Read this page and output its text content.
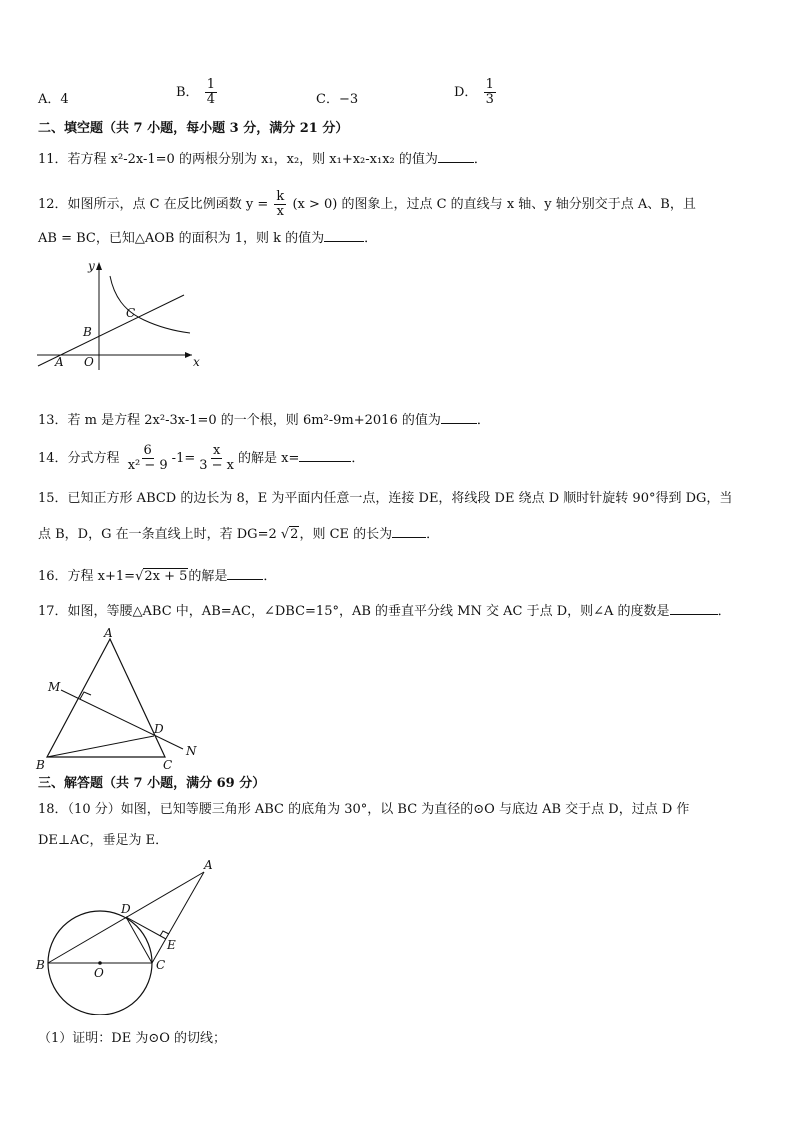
A．4	B． $\frac{1}{4}$	C．−3	D． $\frac{1}{3}$
二、填空题（共 7 小题，每小题 3 分，满分 21 分）
11．若方程 x²-2x-1=0 的两根分别为 x₁，x₂，则 x₁+x₂-x₁x₂ 的值为	．
12．如图所示，点 C 在反比例函数 $y = \frac{k}{x} (x > 0)$ 的图象上，过点 C 的直线与 x 轴、y 轴分别交于点 A、B，且
AB = BC，已知△AOB 的面积为 1，则 k 的值为	．
y
x
C
B
A O
13．若 m 是方程 2x²-3x-1=0 的一个根，则 6m²-9m+2016 的值为	．
14．分式方程 $\frac{6}{\text{x² − 9}} -1= \frac{x}{3 - x}$ 的解是 x=	．
15．已知正方形 ABCD 的边长为 8，E 为平面内任意一点，连接 DE，将线段 DE 绕点 D 顺时针旋转 90°得到 DG，当
点 B，D，G 在一条直线上时，若 DG=2 √2，则 CE 的长为	．
16．方程 x+1=√2x + 5的解是	．
17．如图，等腰△ABC 中，AB=AC，∠DBC=15°，AB 的垂直平分线 MN 交 AC 于点 D，则∠A 的度数是	．
A
M
D
N
B	C
三、解答题（共 7 小题，满分 69 分）
18．（10 分）如图，已知等腰三角形 ABC 的底角为 30°，以 BC 为直径的⊙O 与底边 AB 交于点 D，过点 D 作
DE⊥AC，垂足为 E．
A
D
E
B
O
C
（1）证明：DE 为⊙O 的切线；
